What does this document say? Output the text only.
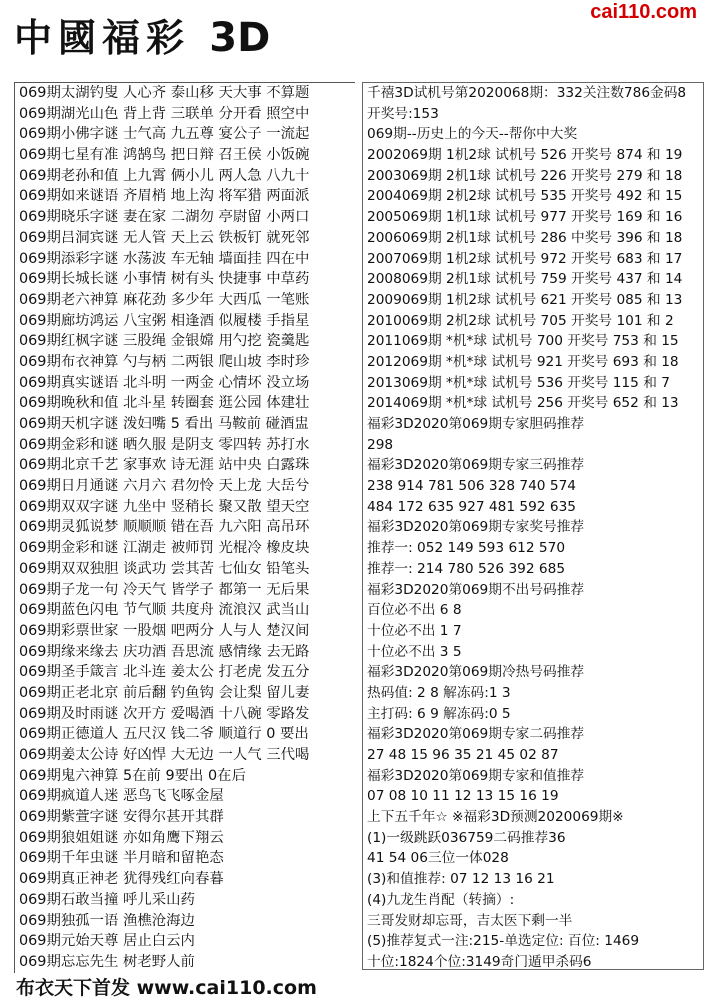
中國福彩 3D
cai110.com
069期太湖钓叟 人心齐 泰山移 天大事 不算题
069期湖光山色 背上背 三联单 分开看 照空中
069期小佛字谜 士气高 九五尊 宴公子 一流起
069期七星有准 鸿鹄鸟 把日辩 召王侯 小饭碗
069期老孙和值 上九霄 俩小儿 两人急 八九十
069期如来谜语 齐眉梢 地上沟 将军猎 两面派
069期晓乐字谜 妻在家 二湖勿 亭尉留 小两口
069期吕洞宾谜 无人管 天上云 铁板钉 就死邻
069期添彩字谜 水荡波 车无轴 墙面挂 四在中
069期长城长谜 小事情 树有头 快捷事 中草药
069期老六神算 麻花劲 多少年 大西瓜 一笔账
069期廊坊鸿运 八宝粥 相逢酒 似履楼 手指星
069期红枫字谜 三股绳 金银嫦 用勺挖 瓷羹匙
069期布衣神算 勺与柄 二两银 爬山坡 李时珍
069期真实谜语 北斗明 一两金 心情坏 没立场
069期晚秋和值 北斗星 转圈套 逛公园 体建壮
069期天机字谜 泼妇嘴 5 看出 马鞍前 碰酒盅
069期金彩和谜 晒久服 是阴支 零四转 苏打水
069期北京千艺 家事欢 诗无涯 站中央 白露珠
069期日月通谜 六月六 君勿怜 天上龙 大岳兮
069期双双字谜 九坐中 竖稍长 聚又散 望天空
069期灵狐说梦 顺顺顺 错在吾 九六阳 高吊环
069期金彩和谜 江湖走 被师罚 光棍冷 橡皮块
069期双双独胆 谈武功 尝其苦 七仙女 铅笔头
069期子龙一句 冷天气 皆学子 都第一 无后果
069期蓝色闪电 节气顺 共度舟 流浪汉 武当山
069期彩票世家 一股烟 吧两分 人与人 楚汉间
069期缘来缘去 庆功酒 吾思流 感情缘 去无路
069期圣手箴言 北斗连 姜太公 打老虎 发五分
069期正老北京 前后翻 钓鱼钩 会让梨 留儿妻
069期及时雨谜 次开方 爱喝酒 十八碗 零路发
069期正德道人 五尺汉 钱二爷 顺道行 0 要出
069期姜太公诗 好凶悍 大无边 一人气 三代喝
069期鬼六神算 5在前 9要出 0在后
069期疯道人迷 恶鸟飞飞啄金屋
069期紫萱字谜 安得尔甚开其群
069期狼姐姐谜 亦如角鹰下翔云
069期千年虫谜 半月暗和留艳态
069期真正神老 犹得残红向春暮
069期石敢当撞 呼儿采山药
069期独孤一语 渔樵沧海边
069期元始天尊 居止白云内
069期忘忘先生 树老野人前
千禧3D试机号第2020068期：332关注数786金码8
开奖号:153
069期--历史上的今天--帮你中大奖
2002069期 1机2球 试机号 526 开奖号 874 和 19
2003069期 2机1球 试机号 226 开奖号 279 和 18
2004069期 2机2球 试机号 535 开奖号 492 和 15
2005069期 1机1球 试机号 977 开奖号 169 和 16
2006069期 2机1球 试机号 286 中奖号 396 和 18
2007069期 1机2球 试机号 972 开奖号 683 和 17
2008069期 2机1球 试机号 759 开奖号 437 和 14
2009069期 1机2球 试机号 621 开奖号 085 和 13
2010069期 2机2球 试机号 705 开奖号 101 和 2
2011069期 *机*球 试机号 700 开奖号 753 和 15
2012069期 *机*球 试机号 921 开奖号 693 和 18
2013069期 *机*球 试机号 536 开奖号 115 和 7
2014069期 *机*球 试机号 256 开奖号 652 和 13
福彩3D2020第069期专家胆码推荐
298
福彩3D2020第069期专家三码推荐
238 914 781 506 328 740 574
484 172 635 927 481 592 635
福彩3D2020第069期专家奖号推荐
推荐一: 052 149 593 612 570
推荐一: 214 780 526 392 685
福彩3D2020第069期不出号码推荐
百位必不出 6 8
十位必不出 1 7
十位必不出 3 5
福彩3D2020第069期冷热号码推荐
热码值: 2 8 解冻码:1 3
主打码: 6 9 解冻码:0 5
福彩3D2020第069期专家二码推荐
27 48 15 96 35 21 45 02 87
福彩3D2020第069期专家和值推荐
07 08 10 11 12 13 15 16 19
上下五千年☆ ※福彩3D预测2020069期※
(1)一级跳跃036759二码推荐36
41 54 06三位一体028
(3)和值推荐: 07 12 13 16 21
(4)九龙生肖配（转摘）:
三哥发财却忘哥，吉太医下剩一半
(5)推荐复式一注:215-单选定位: 百位: 1469
十位:1824个位:3149奇门遁甲杀码6
布衣天下首发 www.cai110.com
